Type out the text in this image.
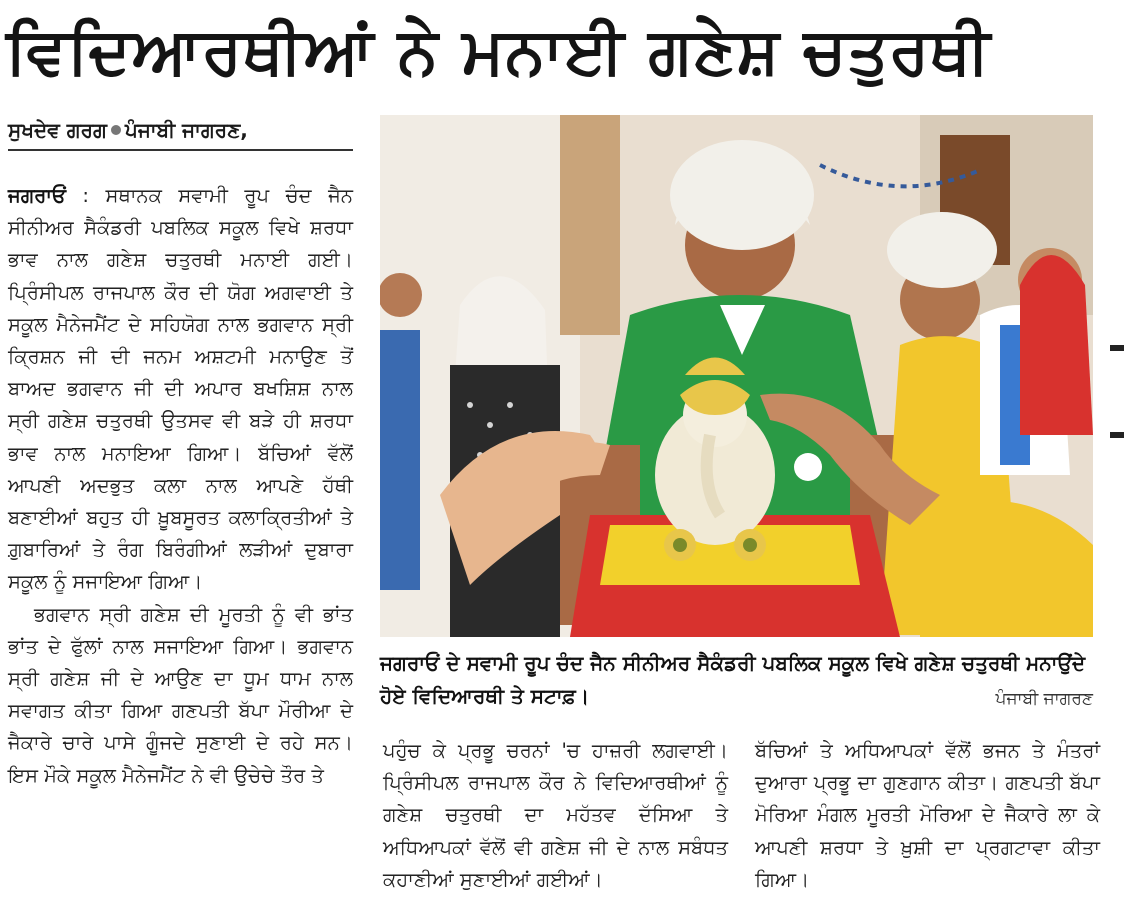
ਵਿਦਿਆਰਥੀਆਂ ਨੇ ਮਨਾਈ ਗਣੇਸ਼ ਚਤੁਰਥੀ
ਸੁਖਦੇਵ ਗਰਗ ਪੰਜਾਬੀ ਜਾਗਰਣ,

ਜਗਰਾਓਂ : ਸਥਾਨਕ ਸਵਾਮੀ ਰੂਪ ਚੰਦ ਜੈਨ ਸੀਨੀਅਰ ਸੈਕੰਡਰੀ ਪਬਲਿਕ ਸਕੂਲ ਵਿਖੇ ਸ਼ਰਧਾ ਭਾਵ ਨਾਲ ਗਣੇਸ਼ ਚਤੁਰਥੀ ਮਨਾਈ ਗਈ। ਪ੍ਰਿੰਸੀਪਲ ਰਾਜਪਾਲ ਕੌਰ ਦੀ ਯੋਗ ਅਗਵਾਈ ਤੇ ਸਕੂਲ ਮੈਨੇਜਮੈਂਟ ਦੇ ਸਹਿਯੋਗ ਨਾਲ ਭਗਵਾਨ ਸ੍ਰੀ ਕ੍ਰਿਸ਼ਨ ਜੀ ਦੀ ਜਨਮ ਅਸ਼ਟਮੀ ਮਨਾਉਣ ਤੋਂ ਬਾਅਦ ਭਗਵਾਨ ਜੀ ਦੀ ਅਪਾਰ ਬਖਸ਼ਿਸ਼ ਨਾਲ ਸ੍ਰੀ ਗਣੇਸ਼ ਚਤੁਰਥੀ ਉਤਸਵ ਵੀ ਬੜੇ ਹੀ ਸ਼ਰਧਾ ਭਾਵ ਨਾਲ ਮਨਾਇਆ ਗਿਆ। ਬੱਚਿਆਂ ਵੱਲੋਂ ਆਪਣੀ ਅਦਭੁਤ ਕਲਾ ਨਾਲ ਆਪਣੇ ਹੱਥੀ ਬਣਾਈਆਂ ਬਹੁਤ ਹੀ ਖ਼ੂਬਸੂਰਤ ਕਲਾਕ੍ਰਿਤੀਆਂ ਤੇ ਗ਼ੁਬਾਰਿਆਂ ਤੇ ਰੰਗ ਬਿਰੰਗੀਆਂ ਲੜੀਆਂ ਦੁਬਾਰਾ ਸਕੂਲ ਨੂੰ ਸਜਾਇਆ ਗਿਆ।

ਭਗਵਾਨ ਸ੍ਰੀ ਗਣੇਸ਼ ਦੀ ਮੂਰਤੀ ਨੂੰ ਵੀ ਭਾਂਤ ਭਾਂਤ ਦੇ ਫੁੱਲਾਂ ਨਾਲ ਸਜਾਇਆ ਗਿਆ। ਭਗਵਾਨ ਸ੍ਰੀ ਗਣੇਸ਼ ਜੀ ਦੇ ਆਉਣ ਦਾ ਧੂਮ ਧਾਮ ਨਾਲ ਸਵਾਗਤ ਕੀਤਾ ਗਿਆ ਗਣਪਤੀ ਬੱਪਾ ਮੌਰੀਆ ਦੇ ਜੈਕਾਰੇ ਚਾਰੇ ਪਾਸੇ ਗੂੰਜਦੇ ਸੁਣਾਈ ਦੇ ਰਹੇ ਸਨ। ਇਸ ਮੌਕੇ ਸਕੂਲ ਮੈਨੇਜਮੈਂਟ ਨੇ ਵੀ ਉਚੇਚੇ ਤੌਰ ਤੇ

ਜਗਰਾਓਂ ਦੇ ਸਵਾਮੀ ਰੂਪ ਚੰਦ ਜੈਨ ਸੀਨੀਅਰ ਸੈਕੰਡਰੀ ਪਬਲਿਕ ਸਕੂਲ ਵਿਖੇ ਗਣੇਸ਼ ਚਤੁਰਥੀ ਮਨਾਉਂਦੇ ਹੋਏ ਵਿਦਿਆਰਥੀ ਤੇ ਸਟਾਫ਼।	ਪੰਜਾਬੀ ਜਾਗਰਣ

ਪਹੁੰਚ ਕੇ ਪ੍ਰਭੂ ਚਰਨਾਂ 'ਚ ਹਾਜ਼ਰੀ ਲਗਵਾਈ। ਪ੍ਰਿੰਸੀਪਲ ਰਾਜਪਾਲ ਕੌਰ ਨੇ ਵਿਦਿਆਰਥੀਆਂ ਨੂੰ ਗਣੇਸ਼ ਚਤੁਰਥੀ ਦਾ ਮਹੱਤਵ ਦੱਸਿਆ ਤੇ ਅਧਿਆਪਕਾਂ ਵੱਲੋਂ ਵੀ ਗਣੇਸ਼ ਜੀ ਦੇ ਨਾਲ ਸਬੰਧਤ ਕਹਾਣੀਆਂ ਸੁਣਾਈਆਂ ਗਈਆਂ।

ਬੱਚਿਆਂ ਤੇ ਅਧਿਆਪਕਾਂ ਵੱਲੋਂ ਭਜਨ ਤੇ ਮੰਤਰਾਂ ਦੁਆਰਾ ਪ੍ਰਭੂ ਦਾ ਗੁਣਗਾਨ ਕੀਤਾ। ਗਣਪਤੀ ਬੱਪਾ ਮੋਰਿਆ ਮੰਗਲ ਮੂਰਤੀ ਮੋਰਿਆ ਦੇ ਜੈਕਾਰੇ ਲਾ ਕੇ ਆਪਣੀ ਸ਼ਰਧਾ ਤੇ ਖ਼ੁਸ਼ੀ ਦਾ ਪ੍ਰਗਟਾਵਾ ਕੀਤਾ ਗਿਆ।
